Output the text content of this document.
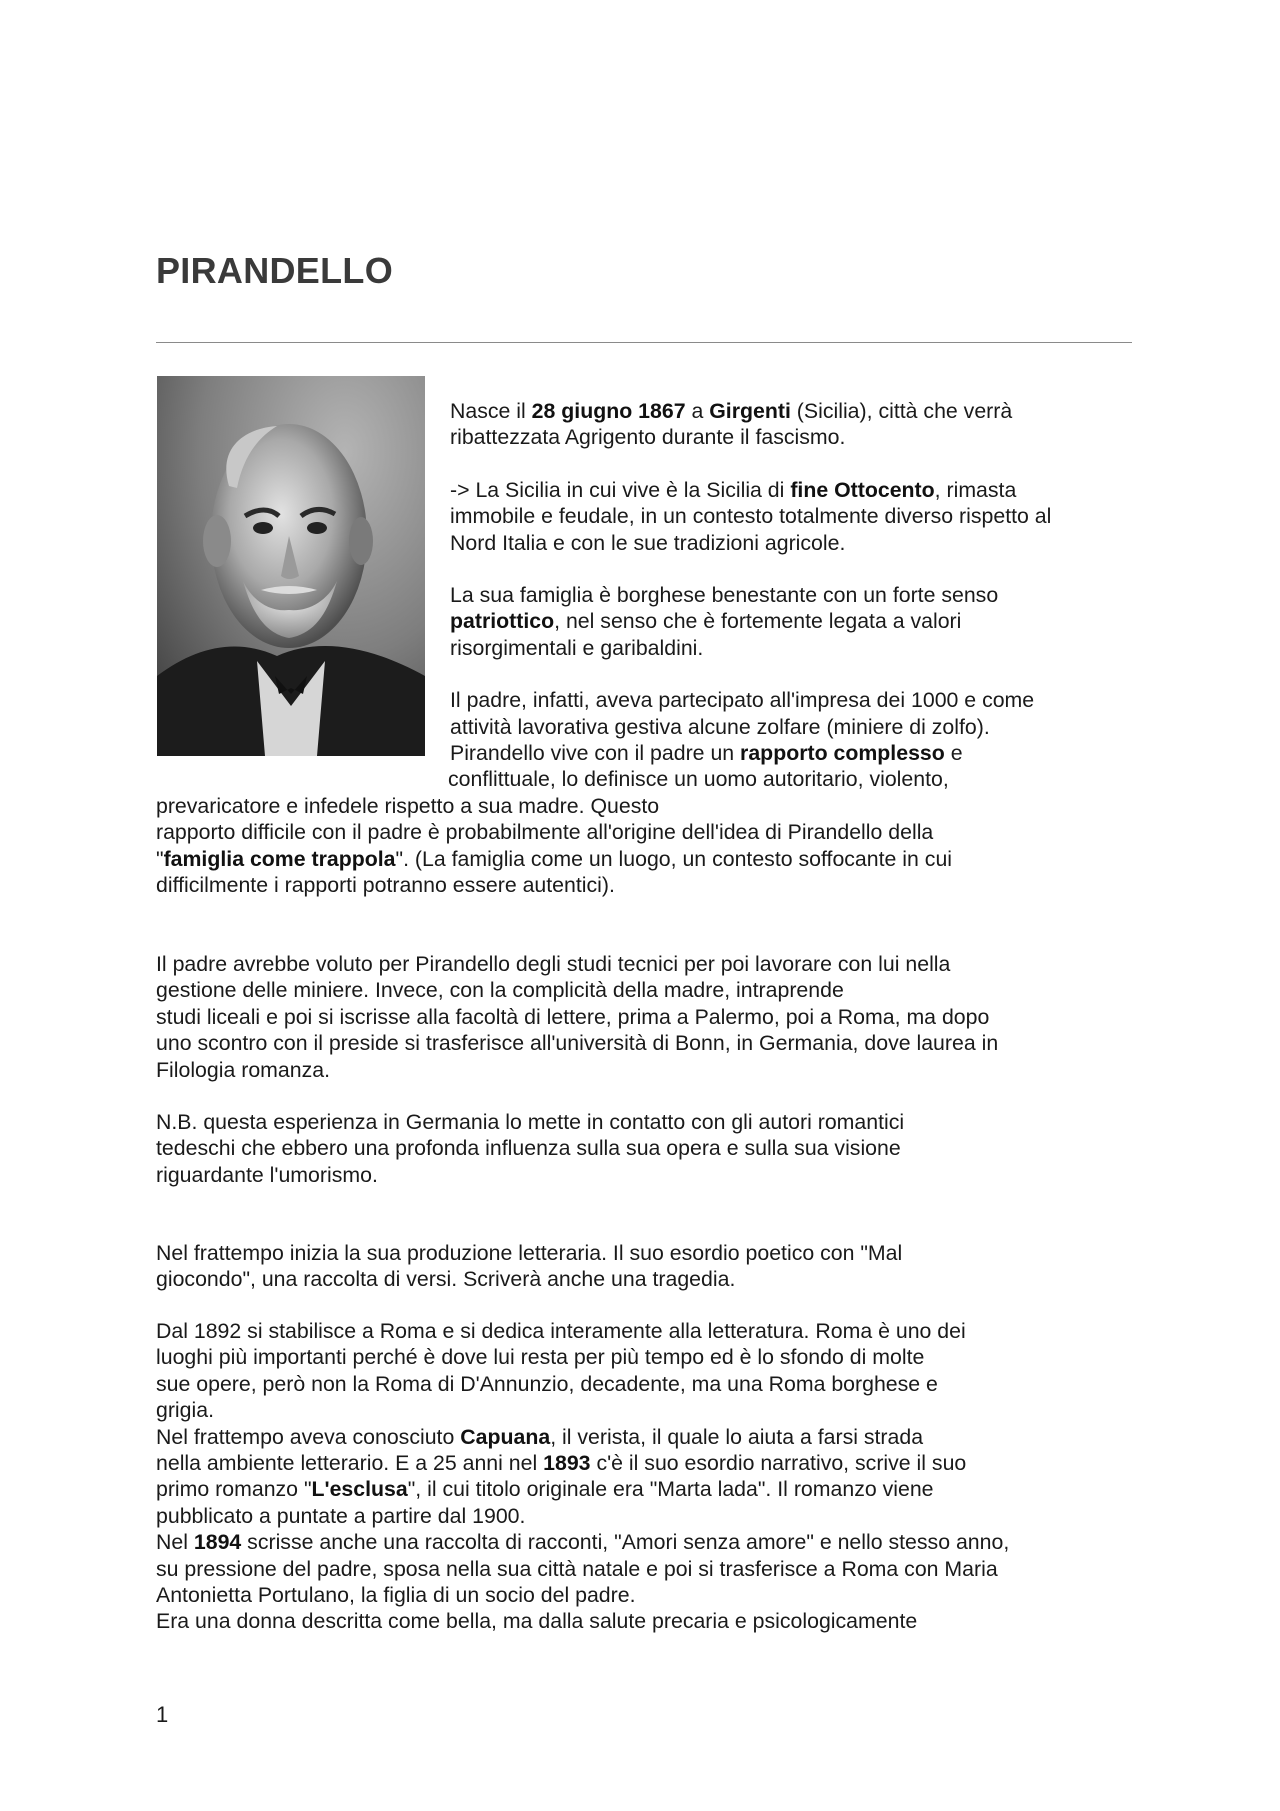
PIRANDELLO

Nasce il 28 giugno 1867 a Girgenti (Sicilia), città che verrà
ribattezzata Agrigento durante il fascismo.

-> La Sicilia in cui vive è la Sicilia di fine Ottocento, rimasta
immobile e feudale, in un contesto totalmente diverso rispetto al
Nord Italia e con le sue tradizioni agricole.

La sua famiglia è borghese benestante con un forte senso
patriottico, nel senso che è fortemente legata a valori
risorgimentali e garibaldini.

Il padre, infatti, aveva partecipato all'impresa dei 1000 e come
attività lavorativa gestiva alcune zolfare (miniere di zolfo).
Pirandello vive con il padre un rapporto complesso e
conflittuale, lo definisce un uomo autoritario, violento,

prevaricatore e infedele rispetto a sua madre. Questo
rapporto difficile con il padre è probabilmente all'origine dell'idea di Pirandello della
"famiglia come trappola". (La famiglia come un luogo, un contesto soffocante in cui
difficilmente i rapporti potranno essere autentici).

Il padre avrebbe voluto per Pirandello degli studi tecnici per poi lavorare con lui nella
gestione delle miniere. Invece, con la complicità della madre, intraprende
studi liceali e poi si iscrisse alla facoltà di lettere, prima a Palermo, poi a Roma, ma dopo
uno scontro con il preside si trasferisce all'università di Bonn, in Germania, dove laurea in
Filologia romanza.

N.B. questa esperienza in Germania lo mette in contatto con gli autori romantici
tedeschi che ebbero una profonda influenza sulla sua opera e sulla sua visione
riguardante l'umorismo.

Nel frattempo inizia la sua produzione letteraria. Il suo esordio poetico con "Mal
giocondo", una raccolta di versi. Scriverà anche una tragedia.

Dal 1892 si stabilisce a Roma e si dedica interamente alla letteratura. Roma è uno dei
luoghi più importanti perché è dove lui resta per più tempo ed è lo sfondo di molte
sue opere, però non la Roma di D'Annunzio, decadente, ma una Roma borghese e
grigia.
Nel frattempo aveva conosciuto Capuana, il verista, il quale lo aiuta a farsi strada
nella ambiente letterario. E a 25 anni nel 1893 c'è il suo esordio narrativo, scrive il suo
primo romanzo "L'esclusa", il cui titolo originale era "Marta lada". Il romanzo viene
pubblicato a puntate a partire dal 1900.
Nel 1894 scrisse anche una raccolta di racconti, "Amori senza amore" e nello stesso anno,
su pressione del padre, sposa nella sua città natale e poi si trasferisce a Roma con Maria
Antonietta Portulano, la figlia di un socio del padre.
Era una donna descritta come bella, ma dalla salute precaria e psicologicamente

1
